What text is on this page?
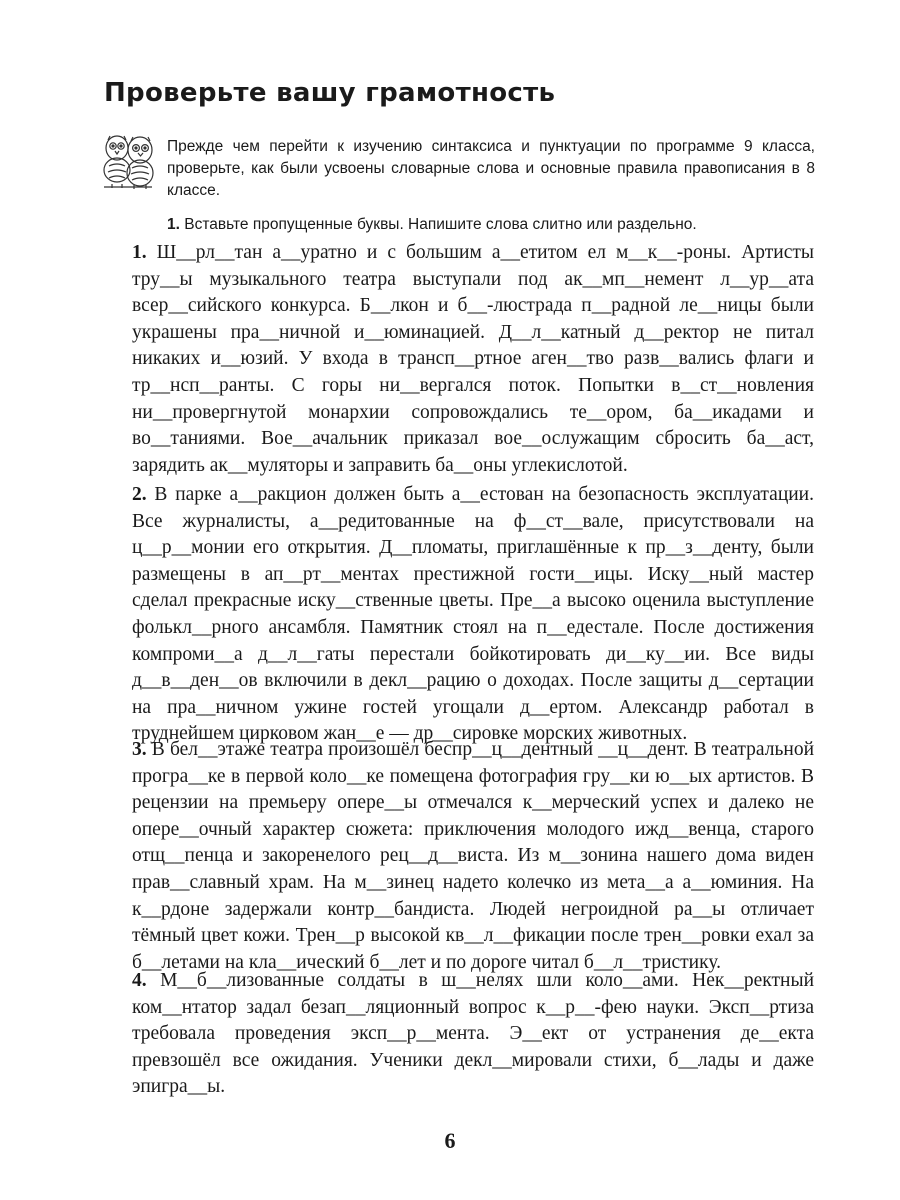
Проверьте вашу грамотность

Прежде чем перейти к изучению синтаксиса и пунктуации по программе 9 класса, проверьте, как были усвоены словарные слова и основные правила правописания в 8 классе.

1. Вставьте пропущенные буквы. Напишите слова слитно или раздельно.

1. Ш__рл__тан а__уратно и с большим а__етитом ел м__к__-роны. Артисты тру__ы музыкального театра выступали под ак__мп__немент л__ур__ата всер__сийского конкурса. Б__лкон и б__-люстрада п__радной ле__ницы были украшены пра__ничной и__юминацией. Д__л__катный д__ректор не питал никаких и__юзий. У входа в трансп__ртное аген__тво разв__вались флаги и тр__нсп__ранты. С горы ни__вергался поток. Попытки в__ст__новления ни__провергнутой монархии сопровождались те__ором, ба__икадами и во__таниями. Вое__ачальник приказал вое__ослужащим сбросить ба__аст, зарядить ак__муляторы и заправить ба__оны углекислотой.

2. В парке а__ракцион должен быть а__естован на безопасность эксплуатации. Все журналисты, а__редитованные на ф__ст__вале, присутствовали на ц__р__монии его открытия. Д__пломаты, приглашённые к пр__з__денту, были размещены в ап__рт__ментах престижной гости__ицы. Иску__ный мастер сделал прекрасные иску__ственные цветы. Пре__а высоко оценила выступление фолькл__рного ансамбля. Памятник стоял на п__едестале. После достижения компроми__а д__л__гаты перестали бойкотировать ди__ку__ии. Все виды д__в__ден__ов включили в декл__рацию о доходах. После защиты д__сертации на пра__ничном ужине гостей угощали д__ертом. Александр работал в труднейшем цирковом жан__е — др__сировке морских животных.

3. В бел__этаже театра произошёл беспр__ц__дентный __ц__дент. В театральной програ__ке в первой коло__ке помещена фотография гру__ки ю__ых артистов. В рецензии на премьеру опере__ы отмечался к__мерческий успех и далеко не опере__очный характер сюжета: приключения молодого ижд__венца, старого отщ__пенца и закоренелого рец__д__виста. Из м__зонина нашего дома виден прав__славный храм. На м__зинец надето колечко из мета__а а__юминия. На к__рдоне задержали контр__бандиста. Людей негроидной ра__ы отличает тёмный цвет кожи. Трен__р высокой кв__л__фикации после трен__ровки ехал за б__летами на кла__ический б__лет и по дороге читал б__л__тристику.

4. М__б__лизованные солдаты в ш__нелях шли коло__ами. Нек__ректный ком__нтатор задал безап__ляционный вопрос к__р__-фею науки. Эксп__ртиза требовала проведения эксп__р__мента. Э__ект от устранения де__екта превзошёл все ожидания. Ученики декл__мировали стихи, б__лады и даже эпигра__ы.

6
